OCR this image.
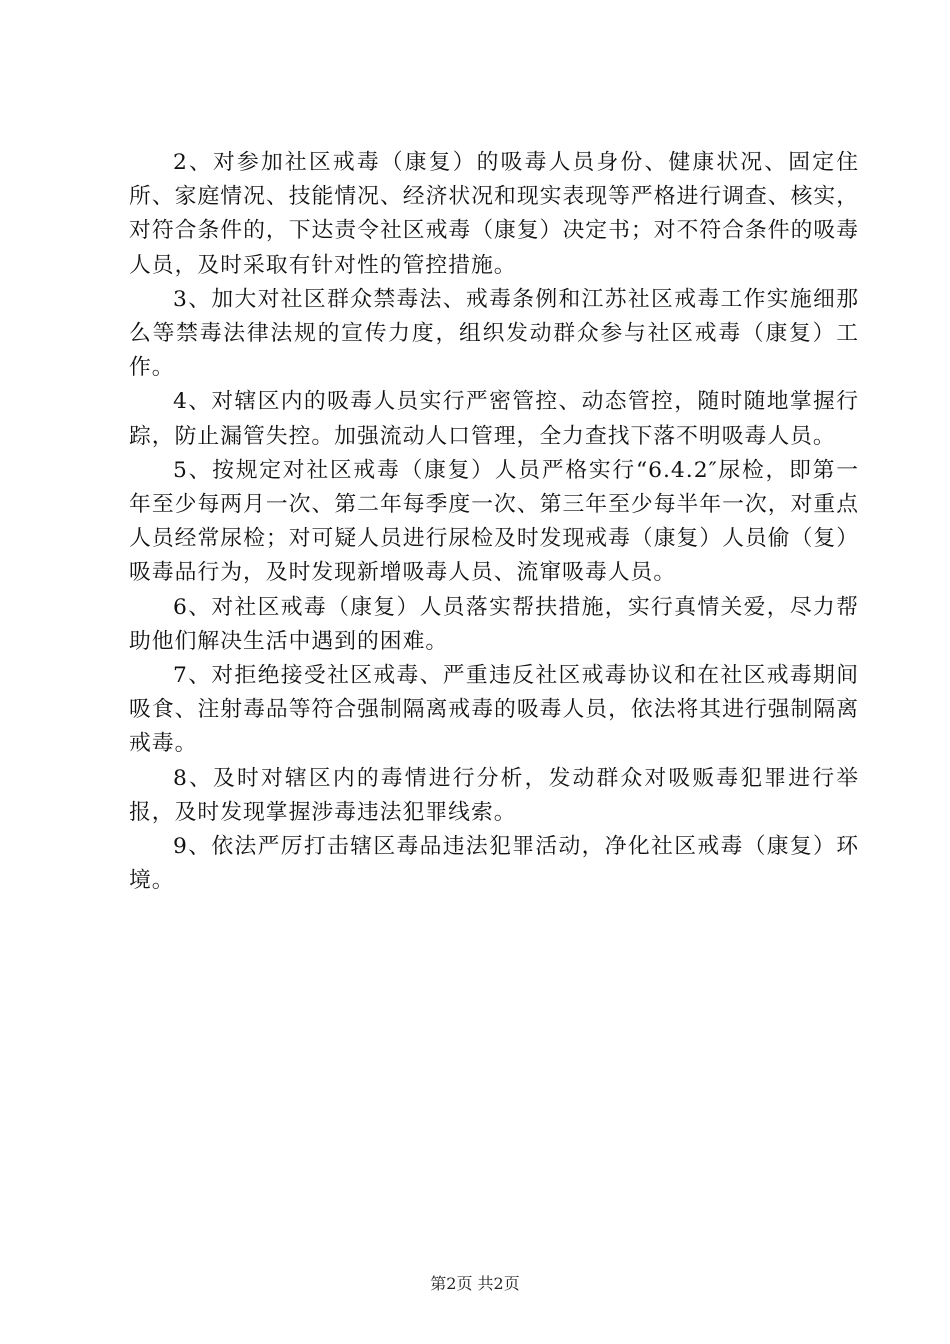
2、对参加社区戒毒（康复）的吸毒人员身份、健康状况、固定住所、家庭情况、技能情况、经济状况和现实表现等严格进行调查、核实，对符合条件的，下达责令社区戒毒（康复）决定书；对不符合条件的吸毒人员，及时采取有针对性的管控措施。

3、加大对社区群众禁毒法、戒毒条例和江苏社区戒毒工作实施细那么等禁毒法律法规的宣传力度，组织发动群众参与社区戒毒（康复）工作。

4、对辖区内的吸毒人员实行严密管控、动态管控，随时随地掌握行踪，防止漏管失控。加强流动人口管理，全力查找下落不明吸毒人员。

5、按规定对社区戒毒（康复）人员严格实行“6.4.2″尿检，即第一年至少每两月一次、第二年每季度一次、第三年至少每半年一次，对重点人员经常尿检；对可疑人员进行尿检及时发现戒毒（康复）人员偷（复）吸毒品行为，及时发现新增吸毒人员、流窜吸毒人员。

6、对社区戒毒（康复）人员落实帮扶措施，实行真情关爱，尽力帮助他们解决生活中遇到的困难。

7、对拒绝接受社区戒毒、严重违反社区戒毒协议和在社区戒毒期间吸食、注射毒品等符合强制隔离戒毒的吸毒人员，依法将其进行强制隔离戒毒。

8、及时对辖区内的毒情进行分析，发动群众对吸贩毒犯罪进行举报，及时发现掌握涉毒违法犯罪线索。

9、依法严厉打击辖区毒品违法犯罪活动，净化社区戒毒（康复）环境。

第2页 共2页
